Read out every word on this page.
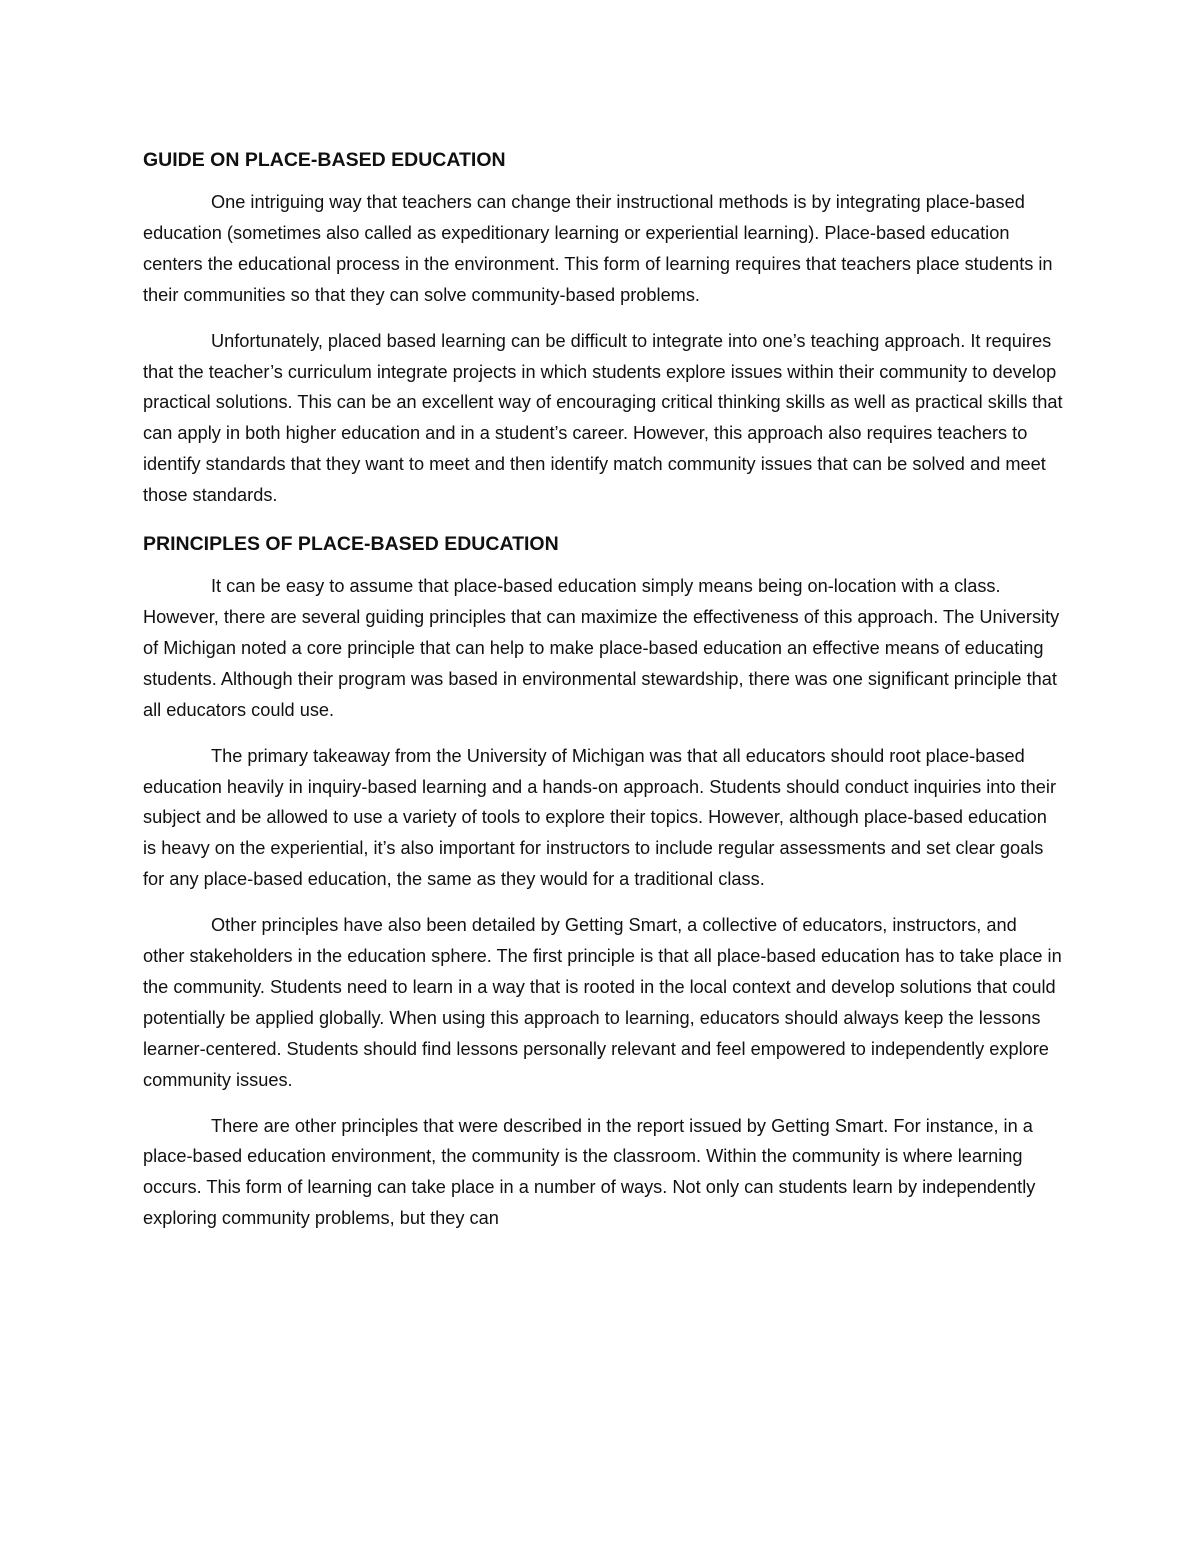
GUIDE ON PLACE-BASED EDUCATION

One intriguing way that teachers can change their instructional methods is by integrating place-based education (sometimes also called as expeditionary learning or experiential learning). Place-based education centers the educational process in the environment. This form of learning requires that teachers place students in their communities so that they can solve community-based problems.

Unfortunately, placed based learning can be difficult to integrate into one’s teaching approach. It requires that the teacher’s curriculum integrate projects in which students explore issues within their community to develop practical solutions. This can be an excellent way of encouraging critical thinking skills as well as practical skills that can apply in both higher education and in a student’s career. However, this approach also requires teachers to identify standards that they want to meet and then identify match community issues that can be solved and meet those standards.

PRINCIPLES OF PLACE-BASED EDUCATION

It can be easy to assume that place-based education simply means being on-location with a class. However, there are several guiding principles that can maximize the effectiveness of this approach. The University of Michigan noted a core principle that can help to make place-based education an effective means of educating students. Although their program was based in environmental stewardship, there was one significant principle that all educators could use.

The primary takeaway from the University of Michigan was that all educators should root place-based education heavily in inquiry-based learning and a hands-on approach. Students should conduct inquiries into their subject and be allowed to use a variety of tools to explore their topics. However, although place-based education is heavy on the experiential, it’s also important for instructors to include regular assessments and set clear goals for any place-based education, the same as they would for a traditional class.

Other principles have also been detailed by Getting Smart, a collective of educators, instructors, and other stakeholders in the education sphere. The first principle is that all place-based education has to take place in the community. Students need to learn in a way that is rooted in the local context and develop solutions that could potentially be applied globally. When using this approach to learning, educators should always keep the lessons learner-centered. Students should find lessons personally relevant and feel empowered to independently explore community issues.

There are other principles that were described in the report issued by Getting Smart. For instance, in a place-based education environment, the community is the classroom. Within the community is where learning occurs. This form of learning can take place in a number of ways. Not only can students learn by independently exploring community problems, but they can
